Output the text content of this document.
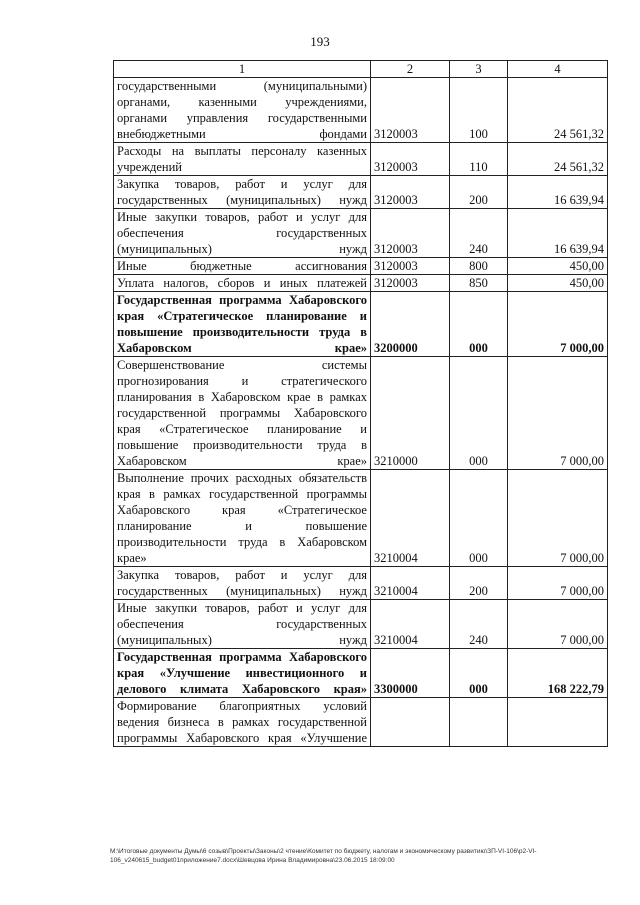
193
1	2	3	4
государственными (муниципальными) органами, казенными учреждениями, органами управления государственными внебюджетными фондами	3120003	100	24 561,32
Расходы на выплаты персоналу казенных учреждений	3120003	110	24 561,32
Закупка товаров, работ и услуг для государственных (муниципальных) нужд	3120003	200	16 639,94
Иные закупки товаров, работ и услуг для обеспечения государственных (муниципальных) нужд	3120003	240	16 639,94
Иные бюджетные ассигнования	3120003	800	450,00
Уплата налогов, сборов и иных платежей	3120003	850	450,00
Государственная программа Хабаровского края «Стратегическое планирование и повышение производительности труда в Хабаровском крае»	3200000	000	7 000,00
Совершенствование системы прогнозирования и стратегического планирования в Хабаровском крае в рамках государственной программы Хабаровского края «Стратегическое планирование и повышение производительности труда в Хабаровском крае»	3210000	000	7 000,00
Выполнение прочих расходных обязательств края в рамках государственной программы Хабаровского края «Стратегическое планирование и повышение производительности труда в Хабаровском крае»	3210004	000	7 000,00
Закупка товаров, работ и услуг для государственных (муниципальных) нужд	3210004	200	7 000,00
Иные закупки товаров, работ и услуг для обеспечения государственных (муниципальных) нужд	3210004	240	7 000,00
Государственная программа Хабаровского края «Улучшение инвестиционного и делового климата Хабаровского края»	3300000	000	168 222,79
Формирование благоприятных условий ведения бизнеса в рамках государственной программы Хабаровского края «Улучшение			
M:\Итоговые документы Думы\6 созыв\Проекты\Законы\2 чтение\Комитет по бюджету, налогам и экономическому развитию\ЗП-VI-106\р2-VI-106_v240615_budget01приложение7.docx\Шевцова Ирина Владимировна\23.06.2015 18:09:00
